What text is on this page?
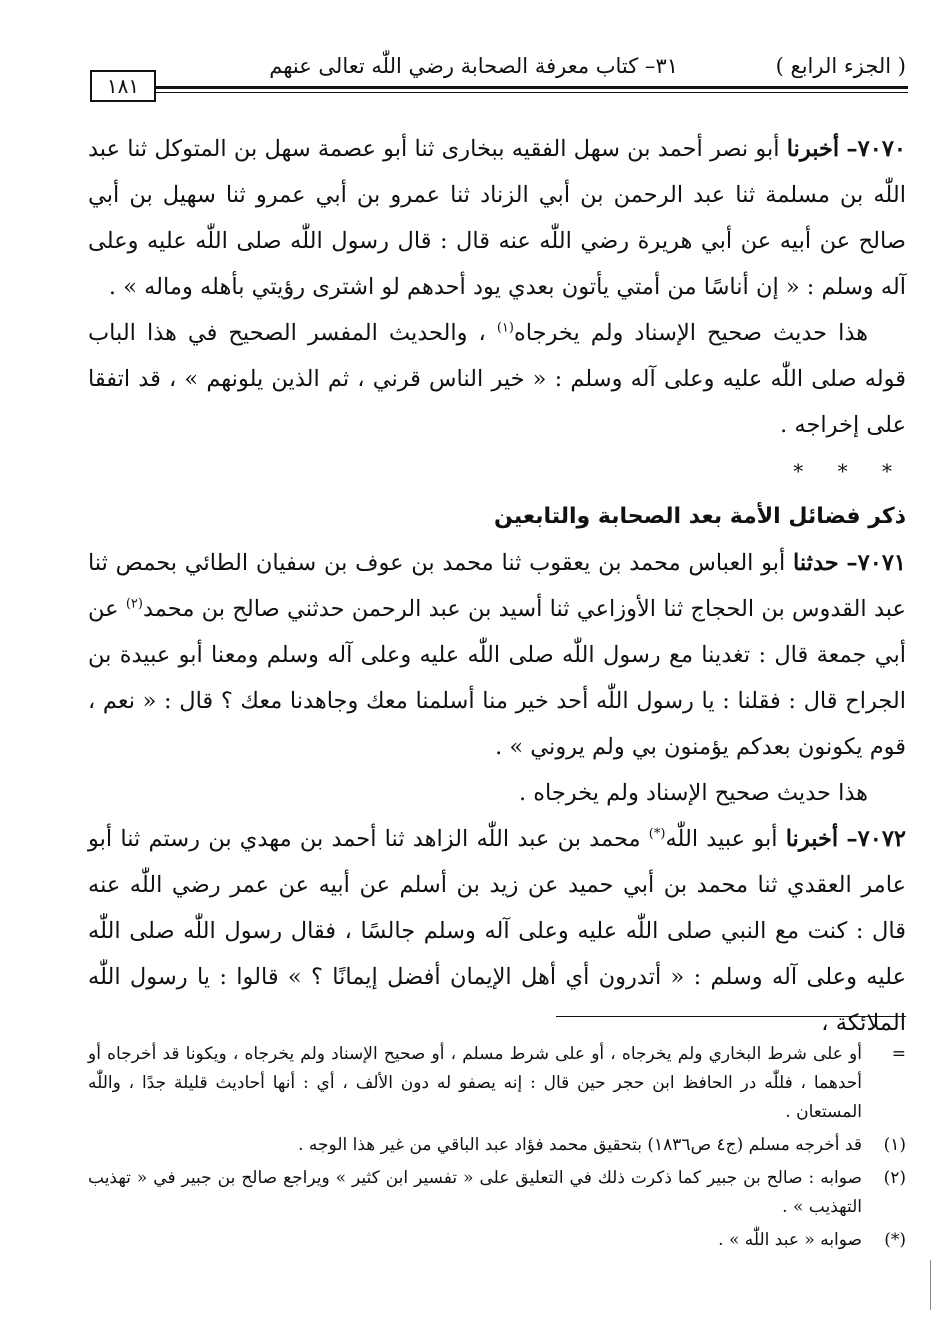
( الجزء الرابع )
٣١– كتاب معرفة الصحابة رضي اللّٰه تعالى عنهم
١٨١

٧٠٧٠– أخبرنا أبو نصر أحمد بن سهل الفقيه ببخارى ثنا أبو عصمة سهل بن المتوكل ثنا عبد اللّٰه بن مسلمة ثنا عبد الرحمن بن أبي الزناد ثنا عمرو بن أبي عمرو ثنا سهيل بن أبي صالح عن أبيه عن أبي هريرة رضي اللّٰه عنه قال : قال رسول اللّٰه صلى اللّٰه عليه وعلى آله وسلم : « إن أناسًا من أمتي يأتون بعدي يود أحدهم لو اشترى رؤيتي بأهله وماله » .

هذا حديث صحيح الإسناد ولم يخرجاه$^{(١)}$ ، والحديث المفسر الصحيح في هذا الباب قوله صلى اللّٰه عليه وعلى آله وسلم : « خير الناس قرني ، ثم الذين يلونهم » ، قد اتفقا على إخراجه .

* * *

ذكر فضائل الأمة بعد الصحابة والتابعين

٧٠٧١– حدثنا أبو العباس محمد بن يعقوب ثنا محمد بن عوف بن سفيان الطائي بحمص ثنا عبد القدوس بن الحجاج ثنا الأوزاعي ثنا أسيد بن عبد الرحمن حدثني صالح بن محمد$^{(٢)}$ عن أبي جمعة قال : تغدينا مع رسول اللّٰه صلى اللّٰه عليه وعلى آله وسلم ومعنا أبو عبيدة بن الجراح قال : فقلنا : يا رسول اللّٰه أحد خير منا أسلمنا معك وجاهدنا معك ؟ قال : « نعم ، قوم يكونون بعدكم يؤمنون بي ولم يروني » .

هذا حديث صحيح الإسناد ولم يخرجاه .

٧٠٧٢– أخبرنا أبو عبيد اللّٰه(*) محمد بن عبد اللّٰه الزاهد ثنا أحمد بن مهدي بن رستم ثنا أبو عامر العقدي ثنا محمد بن أبي حميد عن زيد بن أسلم عن أبيه عن عمر رضي اللّٰه عنه قال : كنت مع النبي صلى اللّٰه عليه وعلى آله وسلم جالسًا ، فقال رسول اللّٰه صلى اللّٰه عليه وعلى آله وسلم : « أتدرون أي أهل الإيمان أفضل إيمانًا ؟ » قالوا : يا رسول اللّٰه الملائكة ،

=
أو على شرط البخاري ولم يخرجاه ، أو على شرط مسلم ، أو صحيح الإسناد ولم يخرجاه ، ويكونا قد أخرجاه أو أحدهما ، فللّٰه در الحافظ ابن حجر حين قال : إنه يصفو له دون الألف ، أي : أنها أحاديث قليلة جدًا ، واللّٰه المستعان .

(١)
قد أخرجه مسلم (ج٤ ص١٨٣٦) بتحقيق محمد فؤاد عبد الباقي من غير هذا الوجه .

(٢)
صوابه : صالح بن جبير كما ذكرت ذلك في التعليق على « تفسير ابن كثير » ويراجع صالح بن جبير في « تهذيب التهذيب » .

(*)
صوابه « عبد اللّٰه » .
